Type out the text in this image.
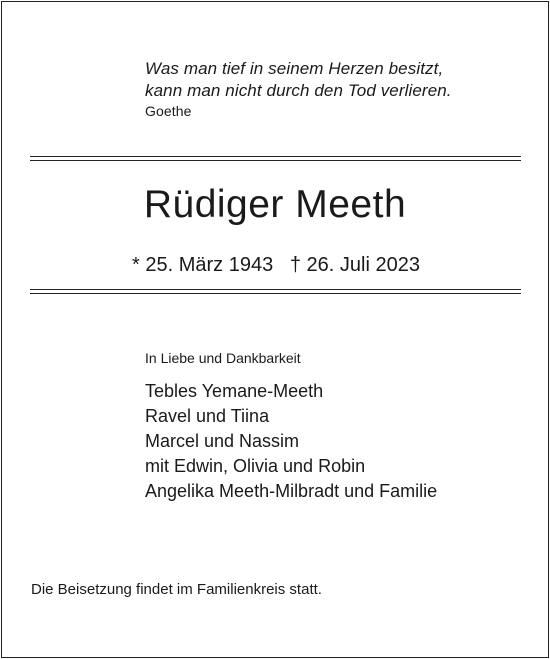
Was man tief in seinem Herzen besitzt,
kann man nicht durch den Tod verlieren.
Goethe
Rüdiger Meeth
* 25. März 1943 † 26. Juli 2023
In Liebe und Dankbarkeit
Tebles Yemane-Meeth
Ravel und Tiina
Marcel und Nassim
mit Edwin, Olivia und Robin
Angelika Meeth-Milbradt und Familie
Die Beisetzung findet im Familienkreis statt.
